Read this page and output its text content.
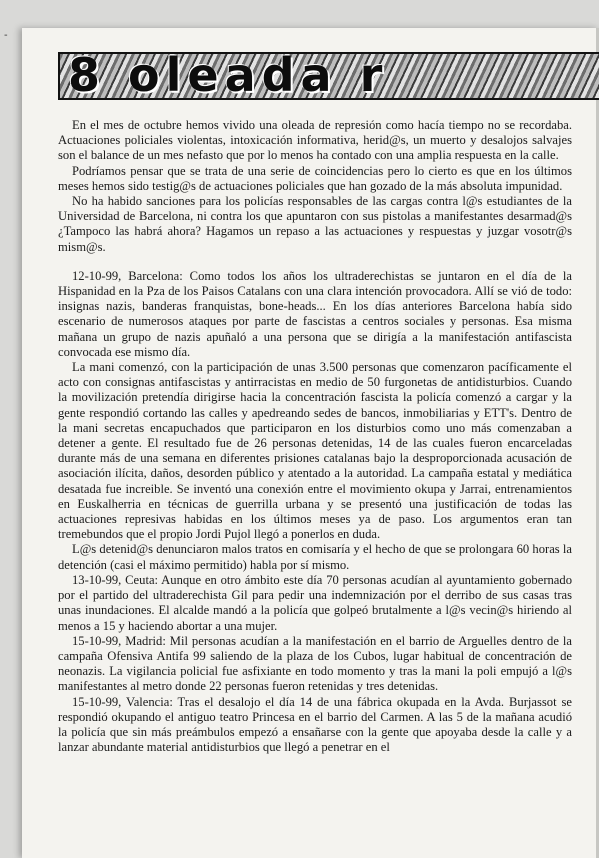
-
8 oleada r

En el mes de octubre hemos vivido una oleada de represión como hacía tiempo no se recordaba. Actuaciones policiales violentas, intoxicación informativa, herid@s, un muerto y desalojos salvajes son el balance de un mes nefasto que por lo menos ha contado con una amplia respuesta en la calle.

Podríamos pensar que se trata de una serie de coincidencias pero lo cierto es que en los últimos meses hemos sido testig@s de actuaciones policiales que han gozado de la más absoluta impunidad.

No ha habido sanciones para los policías responsables de las cargas contra l@s estudiantes de la Universidad de Barcelona, ni contra los que apuntaron con sus pistolas a manifestantes desarmad@s ¿Tampoco las habrá ahora? Hagamos un repaso a las actuaciones y respuestas y juzgar vosotr@s mism@s.

12-10-99, Barcelona: Como todos los años los ultraderechistas se juntaron en el día de la Hispanidad en la Pza de los Paisos Catalans con una clara intención provocadora. Allí se vió de todo: insignas nazis, banderas franquistas, bone-heads... En los días anteriores Barcelona había sido escenario de numerosos ataques por parte de fascistas a centros sociales y personas. Esa misma mañana un grupo de nazis apuñaló a una persona que se dirigía a la manifestación antifascista convocada ese mismo día.

La mani comenzó, con la participación de unas 3.500 personas que comenzaron pacíficamente el acto con consignas antifascistas y antirracistas en medio de 50 furgonetas de antidisturbios. Cuando la movilización pretendía dirigirse hacia la concentración fascista la policía comenzó a cargar y la gente respondió cortando las calles y apedreando sedes de bancos, inmobiliarias y ETT's. Dentro de la mani secretas encapuchados que participaron en los disturbios como uno más comenzaban a detener a gente. El resultado fue de 26 personas detenidas, 14 de las cuales fueron encarceladas durante más de una semana en diferentes prisiones catalanas bajo la desproporcionada acusación de asociación ilícita, daños, desorden público y atentado a la autoridad. La campaña estatal y mediática desatada fue increible. Se inventó una conexión entre el movimiento okupa y Jarrai, entrenamientos en Euskalherria en técnicas de guerrilla urbana y se presentó una justificación de todas las actuaciones represivas habidas en los últimos meses ya de paso. Los argumentos eran tan tremebundos que el propio Jordi Pujol llegó a ponerlos en duda.

L@s detenid@s denunciaron malos tratos en comisaría y el hecho de que se prolongara 60 horas la detención (casi el máximo permitido) habla por sí mismo.

13-10-99, Ceuta: Aunque en otro ámbito este día 70 personas acudían al ayuntamiento gobernado por el partido del ultraderechista Gil para pedir una indemnización por el derribo de sus casas tras unas inundaciones. El alcalde mandó a la policía que golpeó brutalmente a l@s vecin@s hiriendo al menos a 15 y haciendo abortar a una mujer.

15-10-99, Madrid: Mil personas acudían a la manifestación en el barrio de Arguelles dentro de la campaña Ofensiva Antifa 99 saliendo de la plaza de los Cubos, lugar habitual de concentración de neonazis. La vigilancia policial fue asfixiante en todo momento y tras la mani la poli empujó a l@s manifestantes al metro donde 22 personas fueron retenidas y tres detenidas.

15-10-99, Valencia: Tras el desalojo el día 14 de una fábrica okupada en la Avda. Burjassot se respondió okupando el antiguo teatro Princesa en el barrio del Carmen. A las 5 de la mañana acudió la policía que sin más preámbulos empezó a ensañarse con la gente que apoyaba desde la calle y a lanzar abundante material antidisturbios que llegó a penetrar en el
